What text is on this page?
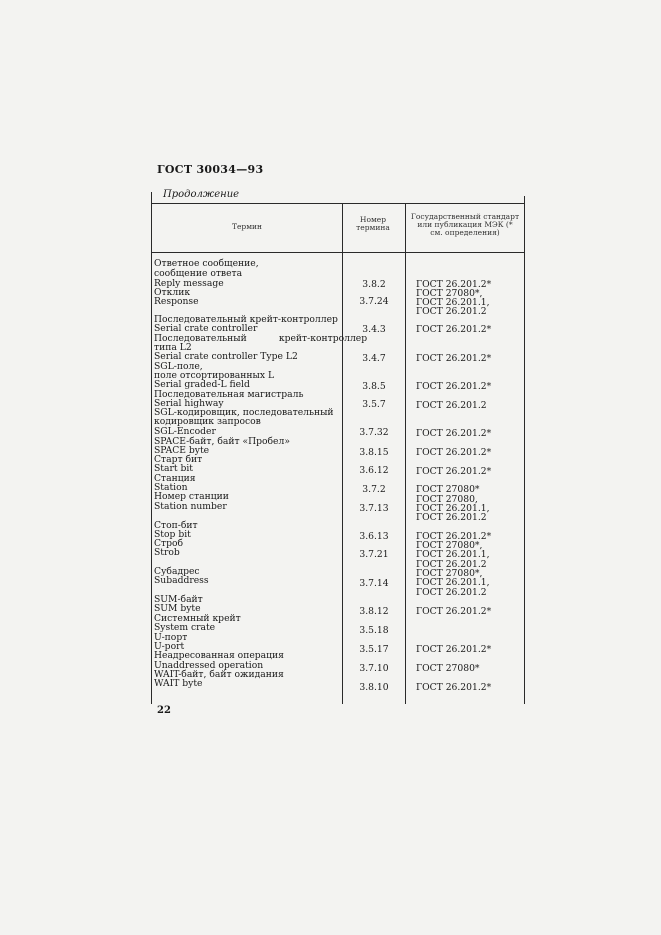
ГОСТ 30034—93
Продолжение
Термин
Номер термина
Государственный стандарт или публикация МЭК (* см. определения)
Ответное сообщение,
сообщение ответа
Reply message
Отклик
Response
Последовательный крейт-контроллер
Serial crate controller
Последовательный           крейт-контроллер
типа L2
Serial crate controller Type L2
SGL-поле,
поле отсортированных L
Serial graded-L field
Последовательная магистраль
Serial highway
SGL-кодировщик, последовательный
кодировщик запросов
SGL-Encoder
SPACE-байт, байт «Пробел»
SPACE byte
Старт бит
Start bit
Станция
Station
Номер станции
Station number
Стоп-бит
Stop bit
Строб
Strob
Субадрес
Subaddress
SUM-байт
SUM byte
Системный крейт
System crate
U-порт
U-port
Неадресованная операция
Unaddressed operation
WAIT-байт, байт ожидания
WAIT byte
3.8.2
3.7.24
3.4.3
3.4.7
3.8.5
3.5.7
3.7.32
3.8.15
3.6.12
3.7.2
3.7.13
3.6.13
3.7.21
3.7.14
3.8.12
3.5.18
3.5.17
3.7.10
3.8.10
ГОСТ 26.201.2*
ГОСТ 27080*,
ГОСТ 26.201.1,
ГОСТ 26.201.2
ГОСТ 26.201.2*
ГОСТ 26.201.2*
ГОСТ 26.201.2*
ГОСТ 26.201.2
ГОСТ 26.201.2*
ГОСТ 26.201.2*
ГОСТ 26.201.2*
ГОСТ 27080*
ГОСТ 27080,
ГОСТ 26.201.1,
ГОСТ 26.201.2
ГОСТ 26.201.2*
ГОСТ 27080*,
ГОСТ 26.201.1,
ГОСТ 26.201.2
ГОСТ 27080*,
ГОСТ 26.201.1,
ГОСТ 26.201.2
ГОСТ 26.201.2*
ГОСТ 26.201.2*
ГОСТ 27080*
ГОСТ 26.201.2*
22
